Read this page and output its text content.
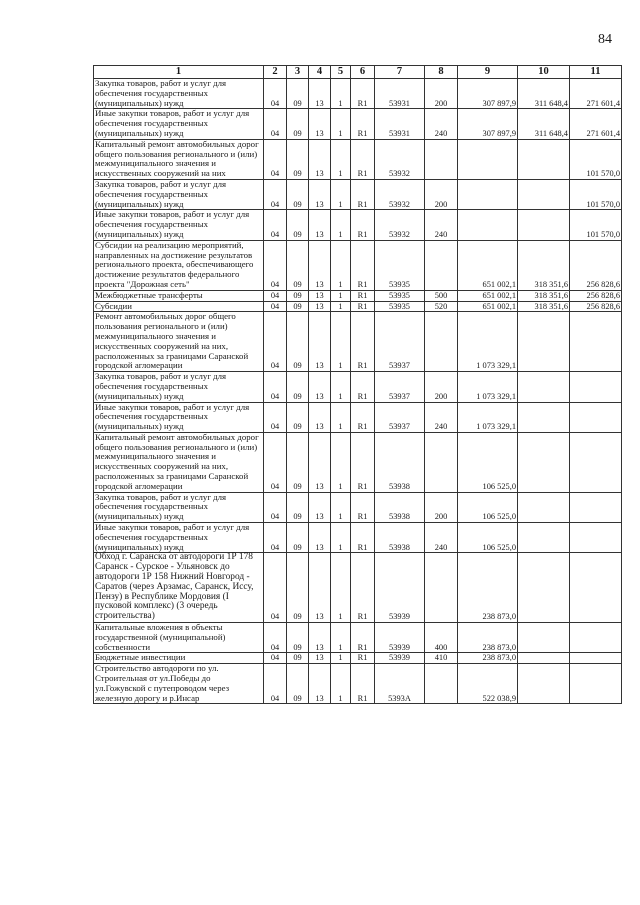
84
1	2	3	4	5	6	7	8	9	10	11
Закупка товаров, работ и услуг для обеспечения государственных (муниципальных) нужд	04	09	13	1	R1	53931	200	307 897,9	311 648,4	271 601,4
Иные закупки товаров, работ и услуг для обеспечения государственных (муниципальных) нужд	04	09	13	1	R1	53931	240	307 897,9	311 648,4	271 601,4
Капитальный ремонт автомобильных дорог общего пользования регионального и (или) межмуниципального значения и искусственных сооружений на них	04	09	13	1	R1	53932				101 570,0
Закупка товаров, работ и услуг для обеспечения государственных (муниципальных) нужд	04	09	13	1	R1	53932	200			101 570,0
Иные закупки товаров, работ и услуг для обеспечения государственных (муниципальных) нужд	04	09	13	1	R1	53932	240			101 570,0
Субсидии на реализацию мероприятий, направленных на достижение результатов регионального проекта, обеспечивающего достижение результатов федерального проекта "Дорожная сеть"	04	09	13	1	R1	53935		651 002,1	318 351,6	256 828,6
Межбюджетные трансферты	04	09	13	1	R1	53935	500	651 002,1	318 351,6	256 828,6
Субсидии	04	09	13	1	R1	53935	520	651 002,1	318 351,6	256 828,6
Ремонт автомобильных дорог общего пользования регионального и (или) межмуниципального значения и искусственных сооружений на них, расположенных за границами Саранской городской агломерации	04	09	13	1	R1	53937		1 073 329,1		
Закупка товаров, работ и услуг для обеспечения государственных (муниципальных) нужд	04	09	13	1	R1	53937	200	1 073 329,1		
Иные закупки товаров, работ и услуг для обеспечения государственных (муниципальных) нужд	04	09	13	1	R1	53937	240	1 073 329,1		
Капитальный ремонт автомобильных дорог общего пользования регионального и (или) межмуниципального значения и искусственных сооружений на них, расположенных за границами Саранской городской агломерации	04	09	13	1	R1	53938		106 525,0		
Закупка товаров, работ и услуг для обеспечения государственных (муниципальных) нужд	04	09	13	1	R1	53938	200	106 525,0		
Иные закупки товаров, работ и услуг для обеспечения государственных (муниципальных) нужд	04	09	13	1	R1	53938	240	106 525,0		
Обход г. Саранска от автодороги 1Р 178 Саранск - Сурское - Ульяновск до автодороги 1Р 158 Нижний Новгород - Саратов (через Арзамас, Саранск, Иссу, Пензу) в Республике Мордовия (I пусковой комплекс) (3 очередь строительства)	04	09	13	1	R1	53939		238 873,0		
Капитальные вложения в объекты государственной (муниципальной) собственности	04	09	13	1	R1	53939	400	238 873,0		
Бюджетные инвестиции	04	09	13	1	R1	53939	410	238 873,0		
Строительство автодороги по ул. Строительная от ул.Победы до ул.Гожувской с путепроводом через железную дорогу и р.Инсар	04	09	13	1	R1	5393А		522 038,9		
